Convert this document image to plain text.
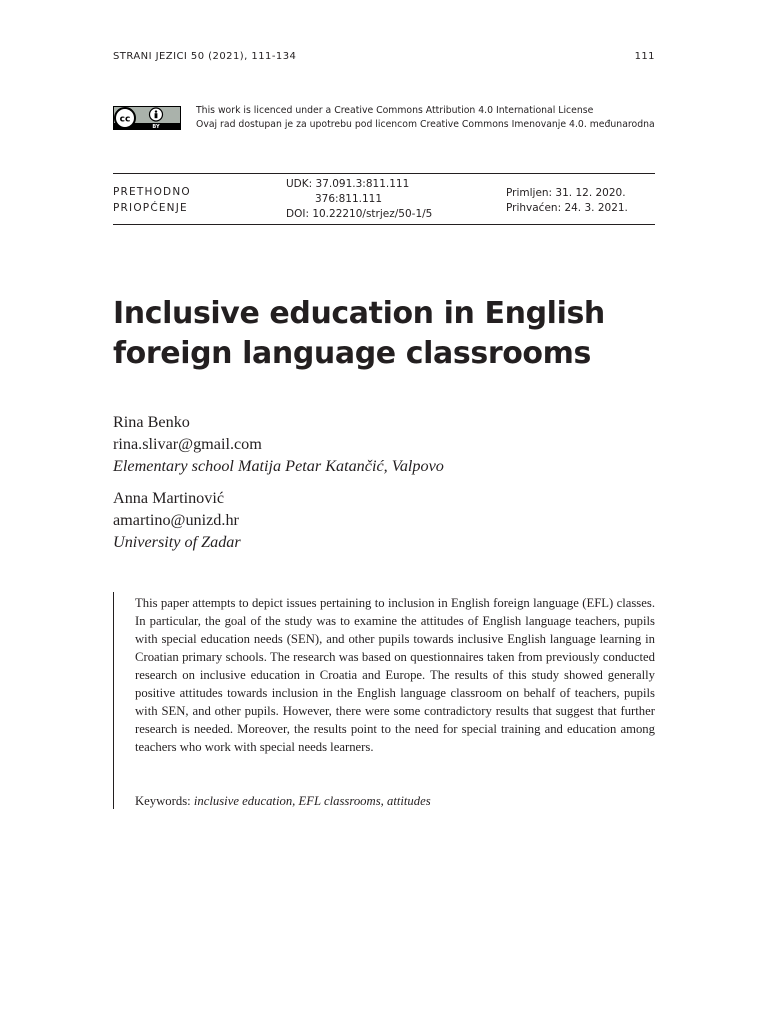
STRANI JEZICI 50 (2021), 111-134	111
cc
BY
This work is licenced under a Creative Commons Attribution 4.0 International License
Ovaj rad dostupan je za upotrebu pod licencom Creative Commons Imenovanje 4.0. međunarodna
PRETHODNO
PRIOPĆENJE
UDK: 37.091.3:811.111
376:811.111
DOI: 10.22210/strjez/50-1/5
Primljen: 31. 12. 2020.
Prihvaćen: 24. 3. 2021.
Inclusive education in English
foreign language classrooms
Rina Benko
rina.slivar@gmail.com
Elementary school Matija Petar Katančić, Valpovo
Anna Martinović
amartino@unizd.hr
University of Zadar

This paper attempts to depict issues pertaining to inclusion in English foreign language (EFL) classes. In particular, the goal of the study was to examine the attitudes of English language teachers, pupils with special education needs (SEN), and other pupils towards inclusive English language learning in Croatian primary schools. The research was based on questionnaires taken from previously conducted research on inclusive education in Croatia and Europe. The results of this study showed generally positive attitudes towards inclusion in the English language classroom on behalf of teachers, pupils with SEN, and other pupils. However, there were some contradictory results that suggest that further research is needed. Moreover, the results point to the need for special training and education among teachers who work with special needs learners.

Keywords: inclusive education, EFL classrooms, attitudes
